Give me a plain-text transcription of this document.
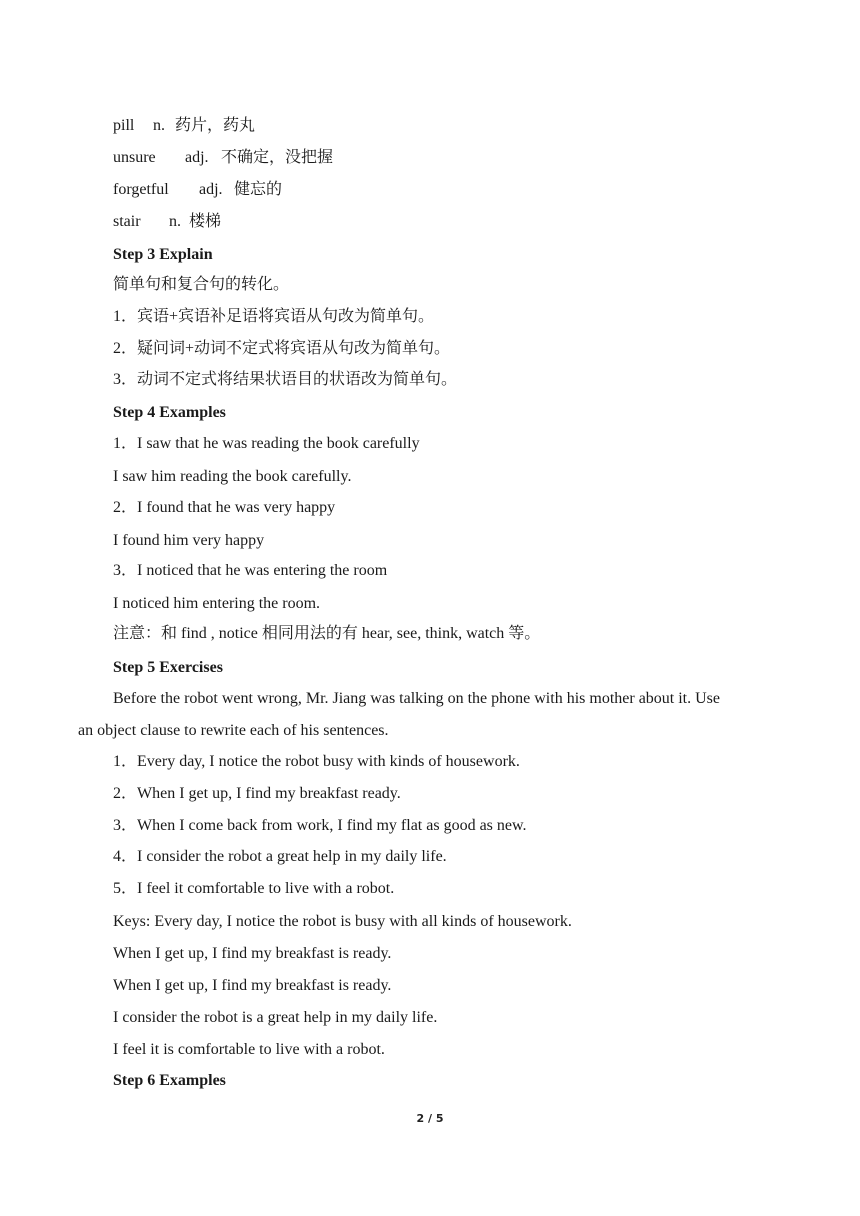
pill n. 药片，药丸
unsure adj. 不确定，没把握
forgetful adj. 健忘的
stair n. 楼梯
Step 3 Explain
简单句和复合句的转化。
1．宾语+宾语补足语将宾语从句改为简单句。
2．疑问词+动词不定式将宾语从句改为简单句。
3．动词不定式将结果状语目的状语改为简单句。
Step 4 Examples
1．I saw that he was reading the book carefully
I saw him reading the book carefully.
2．I found that he was very happy
I found him very happy
3．I noticed that he was entering the room
I noticed him entering the room.
注意：和 find , notice 相同用法的有 hear, see, think, watch 等。
Step 5 Exercises
Before the robot went wrong, Mr. Jiang was talking on the phone with his mother about it. Use
an object clause to rewrite each of his sentences.
1．Every day, I notice the robot busy with kinds of housework.
2．When I get up, I find my breakfast ready.
3．When I come back from work, I find my flat as good as new.
4．I consider the robot a great help in my daily life.
5．I feel it comfortable to live with a robot.
Keys: Every day, I notice the robot is busy with all kinds of housework.
When I get up, I find my breakfast is ready.
When I get up, I find my breakfast is ready.
I consider the robot is a great help in my daily life.
I feel it is comfortable to live with a robot.
Step 6 Examples
2 / 5
